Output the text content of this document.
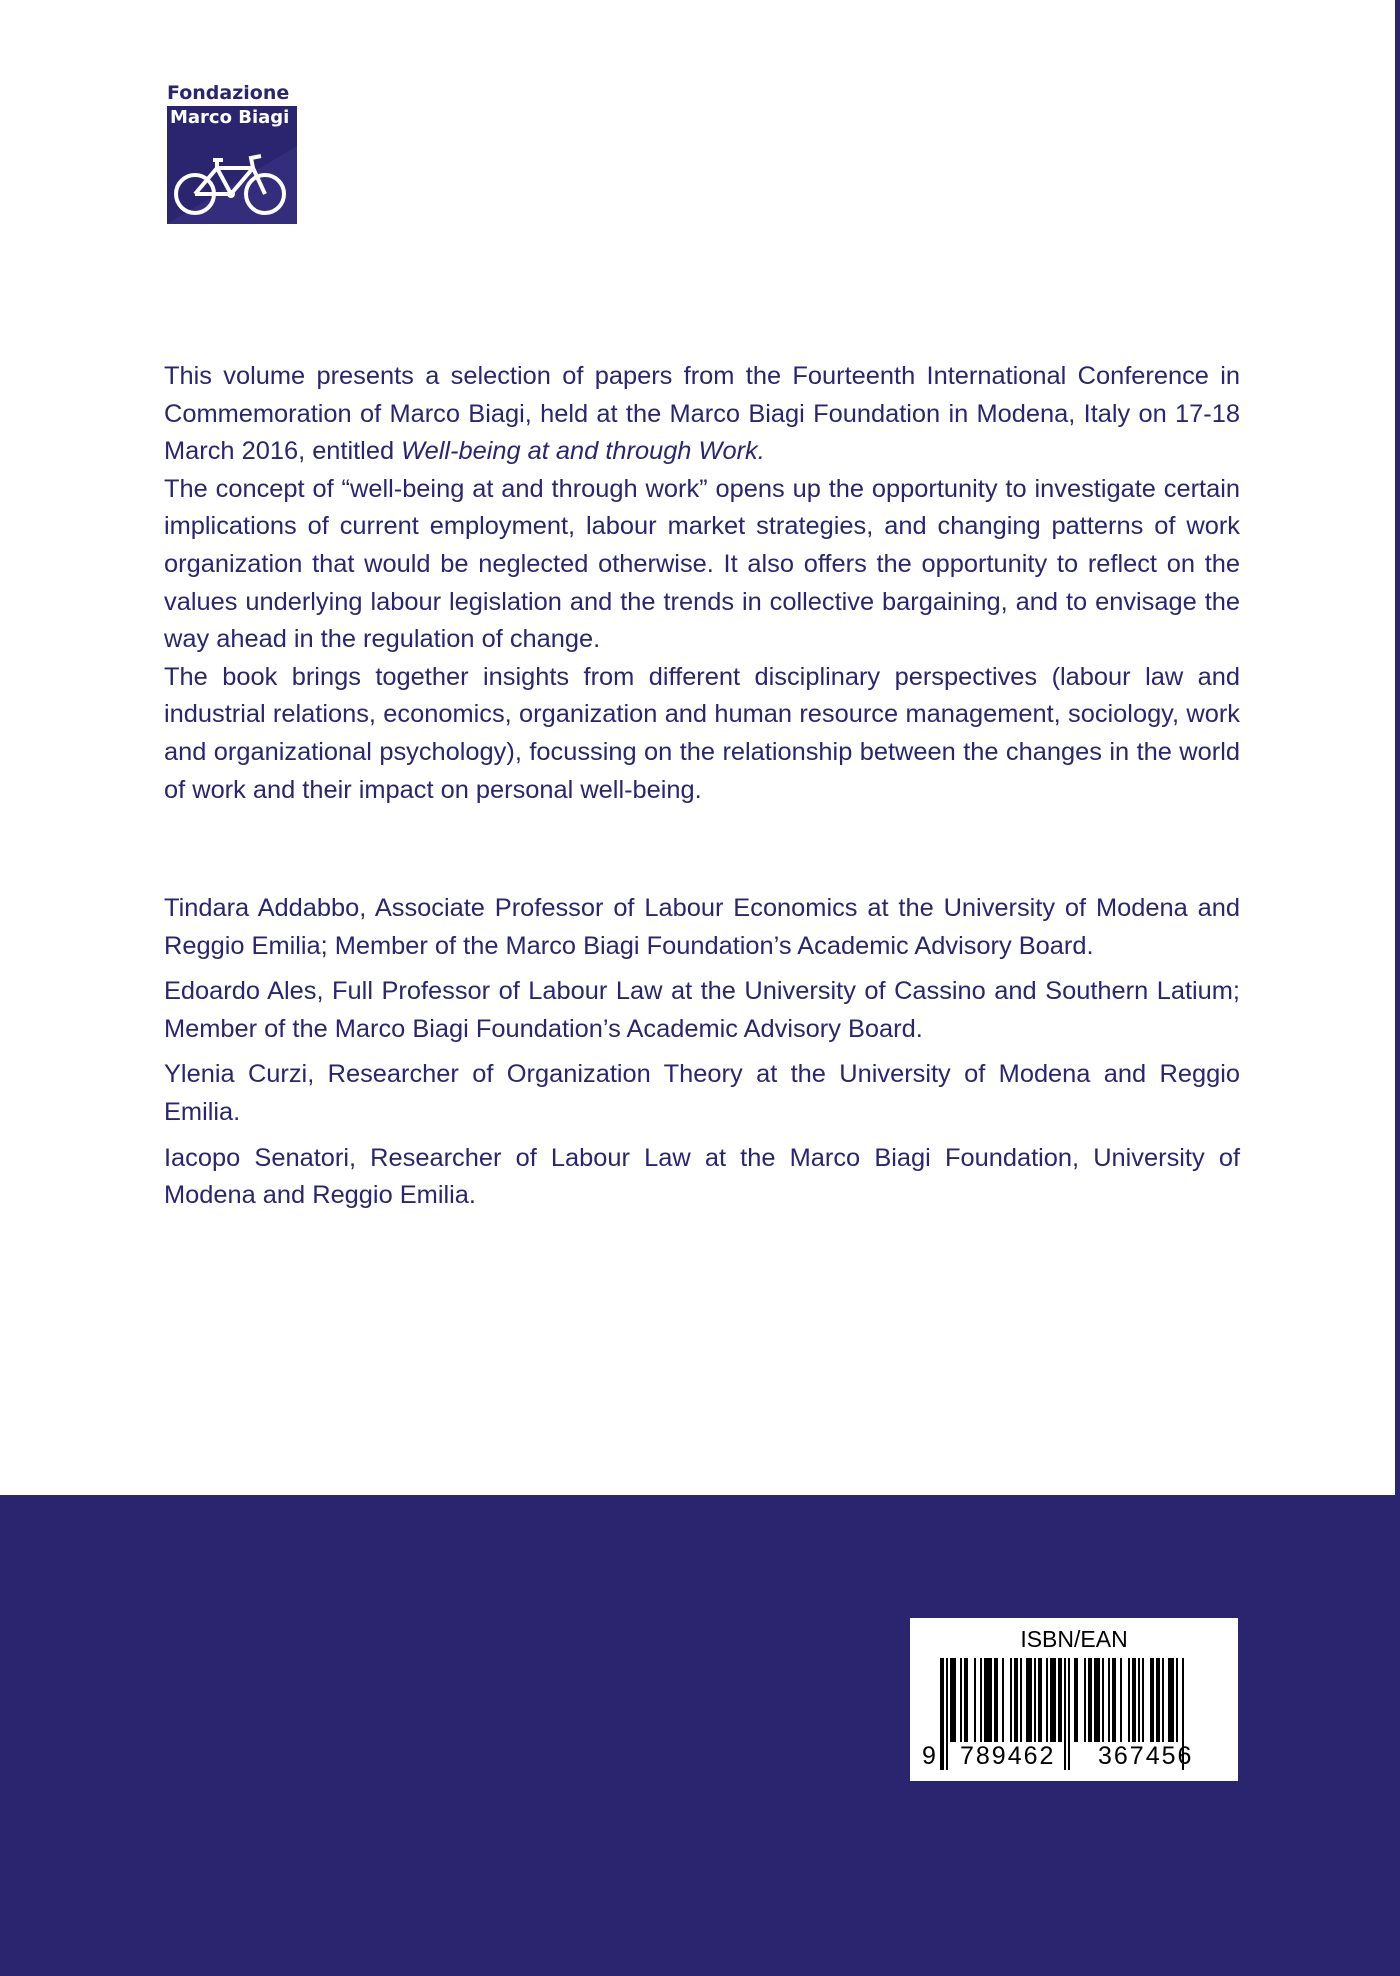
Fondazione
Marco Biagi

This volume presents a selection of papers from the Fourteenth International Conference in Commemoration of Marco Biagi, held at the Marco Biagi Foundation in Modena, Italy on 17-18 March 2016, entitled Well-being at and through Work.

The concept of “well-being at and through work” opens up the opportunity to investigate certain implications of current employment, labour market strategies, and changing patterns of work organization that would be neglected otherwise. It also offers the opportunity to reflect on the values underlying labour legislation and the trends in collective bargaining, and to envisage the way ahead in the regulation of change.

The book brings together insights from different disciplinary perspectives (labour law and industrial relations, economics, organization and human resource management, sociology, work and organizational psychology), focussing on the relationship between the changes in the world of work and their impact on personal well-being.

Tindara Addabbo, Associate Professor of Labour Economics at the University of Modena and Reggio Emilia; Member of the Marco Biagi Foundation’s Academic Advisory Board.

Edoardo Ales, Full Professor of Labour Law at the University of Cassino and Southern Latium; Member of the Marco Biagi Foundation’s Academic Advisory Board.

Ylenia Curzi, Researcher of Organization Theory at the University of Modena and Reggio Emilia.

Iacopo Senatori, Researcher of Labour Law at the Marco Biagi Foundation, University of Modena and Reggio Emilia.

ISBN/EAN
9 789462 367456
